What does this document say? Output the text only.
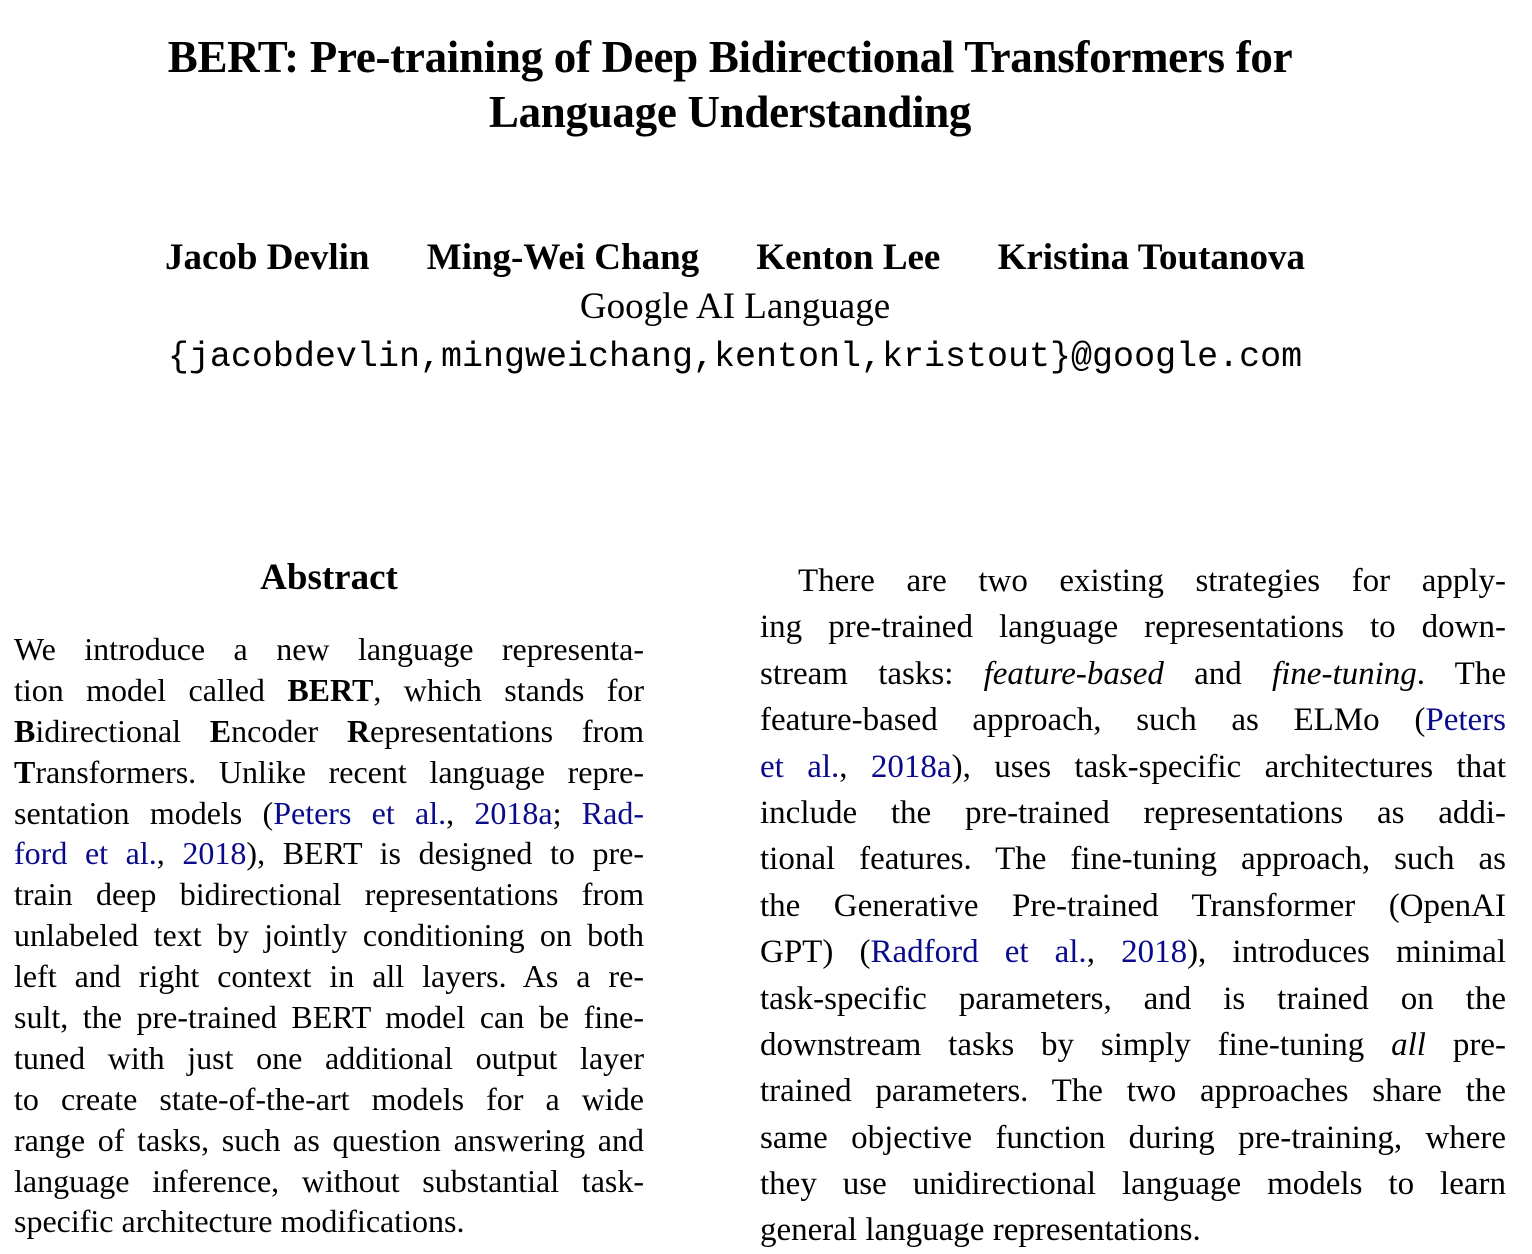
BERT: Pre-training of Deep Bidirectional Transformers for
Language Understanding
Jacob Devlin Ming-Wei Chang Kenton Lee Kristina Toutanova
Google AI Language
{jacobdevlin,mingweichang,kentonl,kristout}@google.com
Abstract
We introduce a new language representa-
tion model called BERT, which stands for
Bidirectional Encoder Representations from
Transformers. Unlike recent language repre-
sentation models (Peters et al., 2018a; Rad-
ford et al., 2018), BERT is designed to pre-
train deep bidirectional representations from
unlabeled text by jointly conditioning on both
left and right context in all layers. As a re-
sult, the pre-trained BERT model can be fine-
tuned with just one additional output layer
to create state-of-the-art models for a wide
range of tasks, such as question answering and
language inference, without substantial task-
specific architecture modifications.
There are two existing strategies for apply-
ing pre-trained language representations to down-
stream tasks: feature-based and fine-tuning. The
feature-based approach, such as ELMo (Peters
et al., 2018a), uses task-specific architectures that
include the pre-trained representations as addi-
tional features. The fine-tuning approach, such as
the Generative Pre-trained Transformer (OpenAI
GPT) (Radford et al., 2018), introduces minimal
task-specific parameters, and is trained on the
downstream tasks by simply fine-tuning all pre-
trained parameters. The two approaches share the
same objective function during pre-training, where
they use unidirectional language models to learn
general language representations.
